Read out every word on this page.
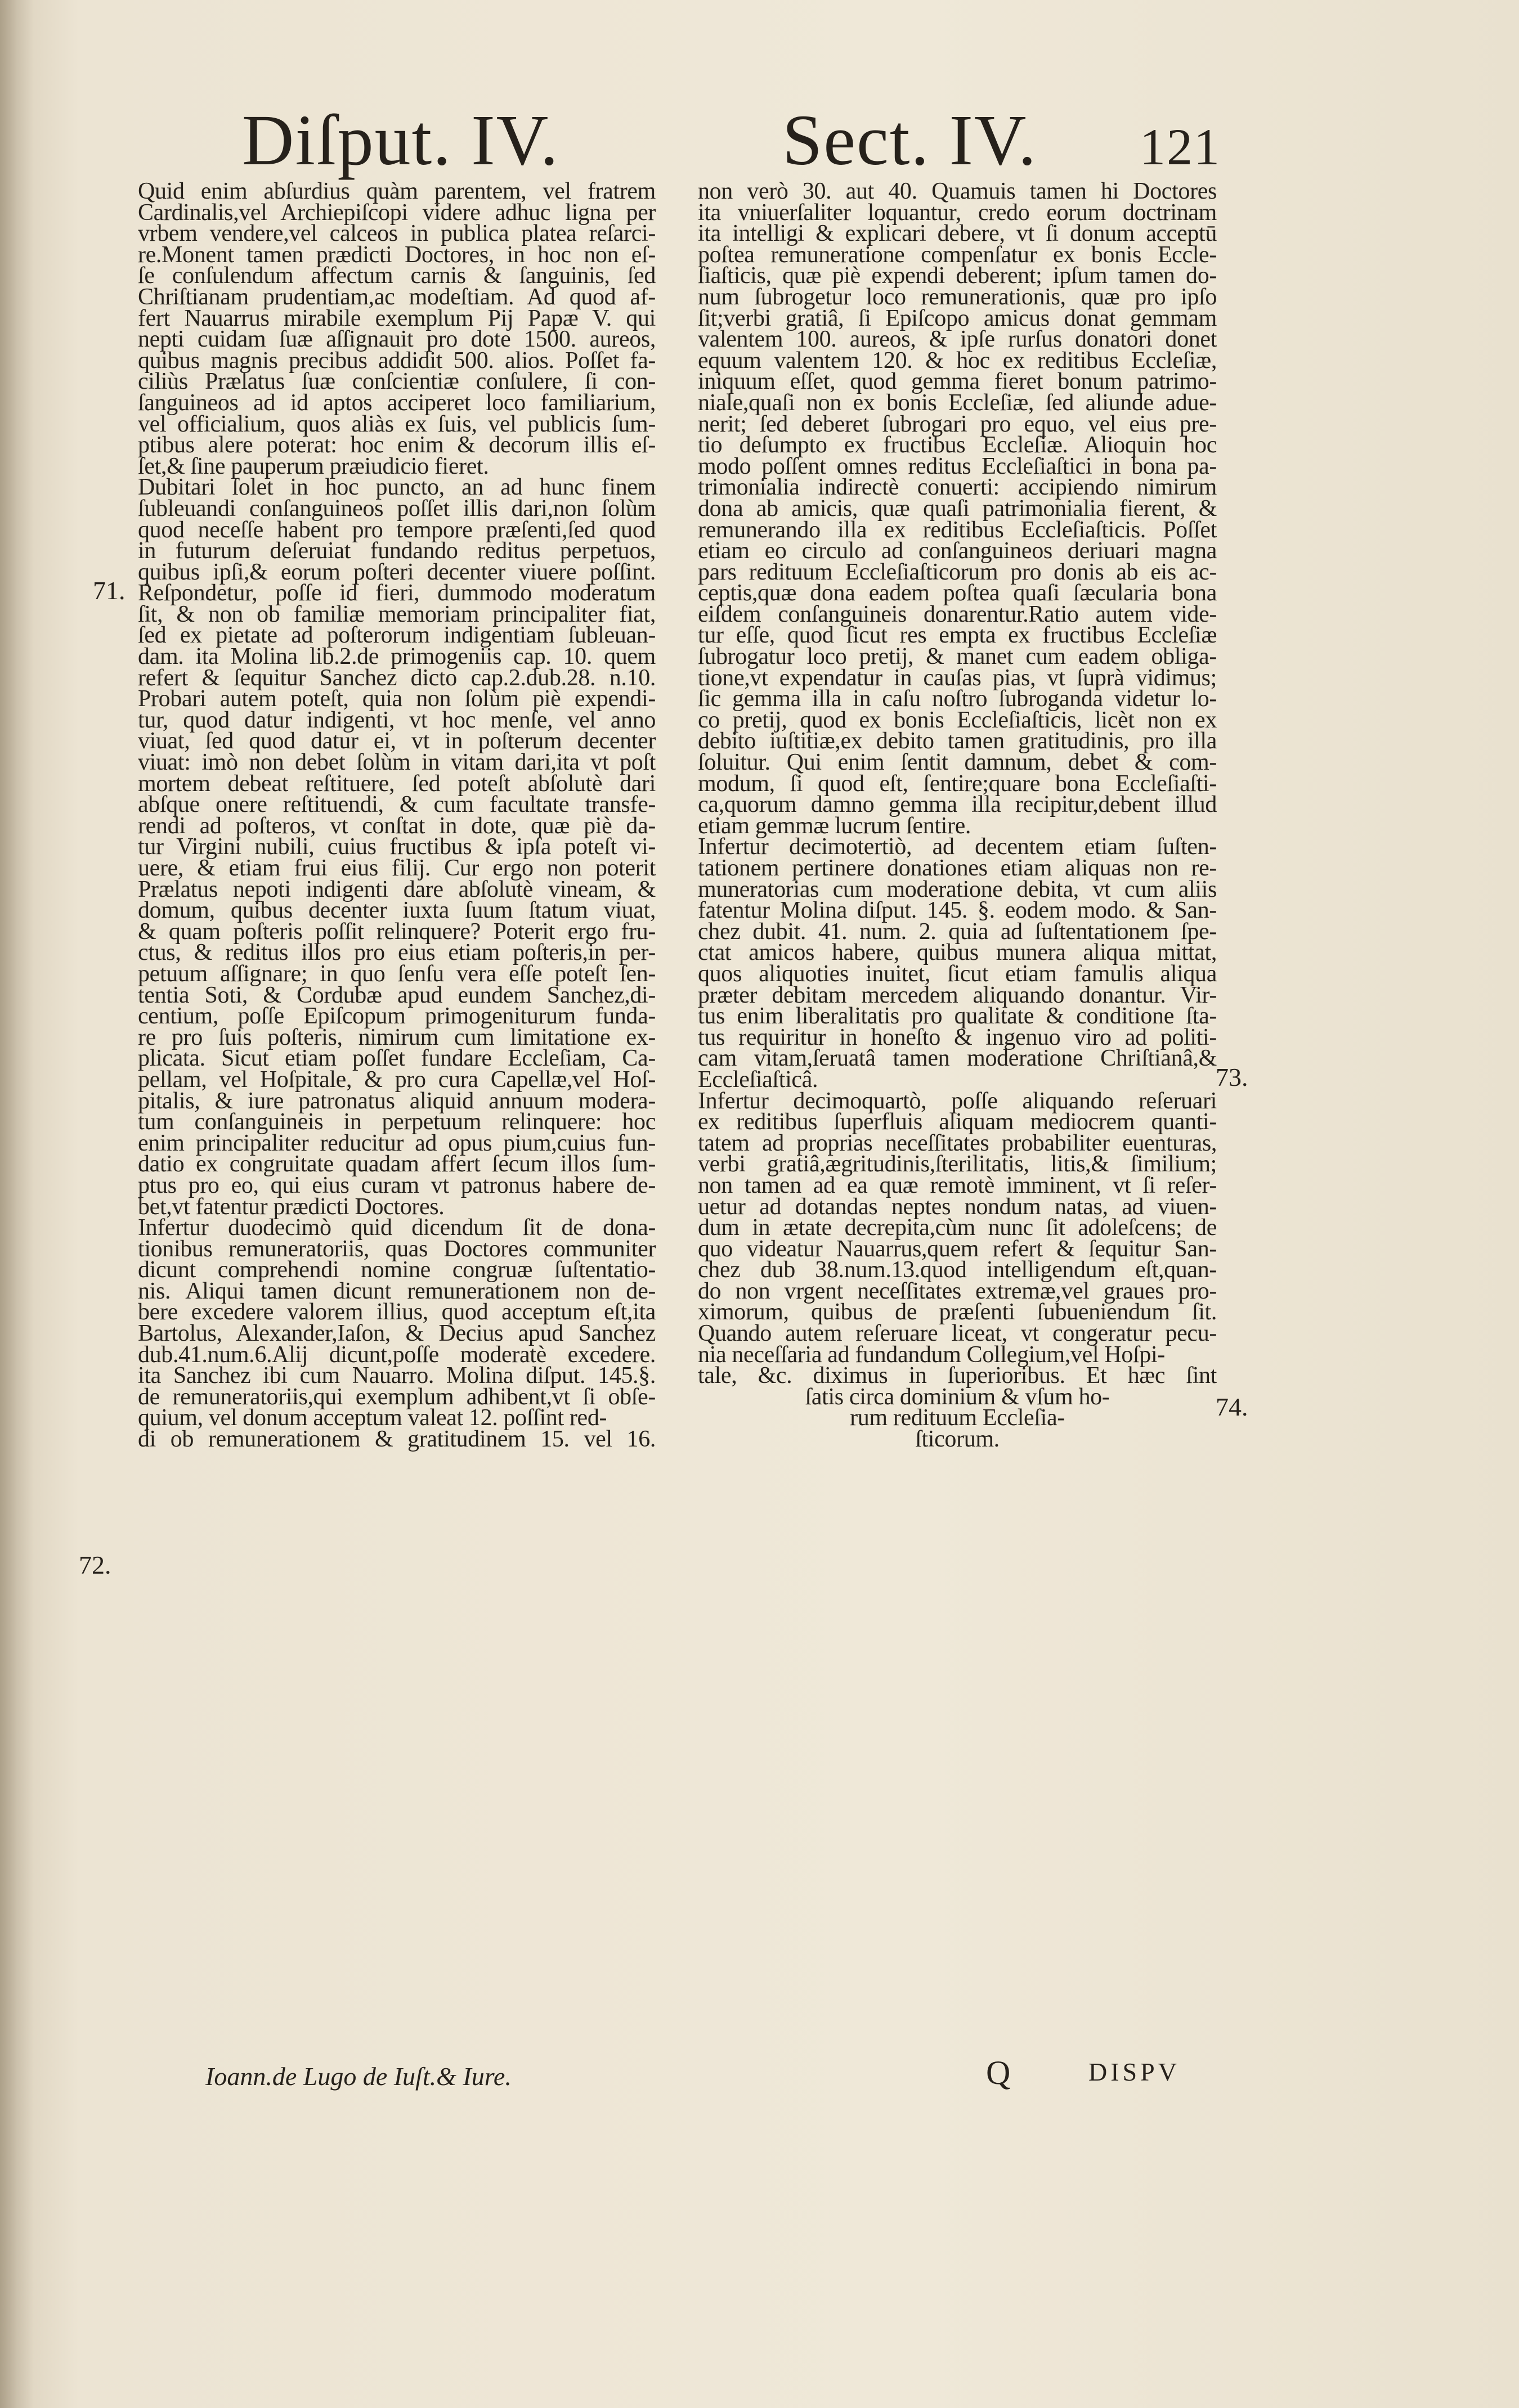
Diſput. IV.	Sect. IV. 121

Quid enim abſurdius quàm parentem, vel fratrem

Cardinalis,vel Archiepiſcopi videre adhuc ligna per

vrbem vendere,vel calceos in publica platea reſarci-

re.Monent tamen prædicti Doctores, in hoc non eſ-

ſe conſulendum affectum carnis & ſanguinis, ſed

Chriſtianam prudentiam,ac modeſtiam. Ad quod af-

fert Nauarrus mirabile exemplum Pij Papæ V. qui

nepti cuidam ſuæ aſſignauit pro dote 1500. aureos,

quibus magnis precibus addidit 500. alios. Poſſet fa-

ciliùs Prælatus ſuæ conſcientiæ conſulere, ſi con-

ſanguineos ad id aptos acciperet loco familiarium,

vel officialium, quos aliàs ex ſuis, vel publicis ſum-

ptibus alere poterat: hoc enim & decorum illis eſ-

ſet,& ſine pauperum præiudicio fieret.

Dubitari ſolet in hoc puncto, an ad hunc finem

ſubleuandi conſanguineos poſſet illis dari,non ſolùm

quod neceſſe habent pro tempore præſenti,ſed quod

in futurum deſeruiat fundando reditus perpetuos,

quibus ipſi,& eorum poſteri decenter viuere poſſint.

Reſpondetur, poſſe id fieri, dummodo moderatum

ſit, & non ob familiæ memoriam principaliter fiat,

ſed ex pietate ad poſterorum indigentiam ſubleuan-

dam. ita Molina lib.2.de primogeniis cap. 10. quem

refert & ſequitur Sanchez dicto cap.2.dub.28. n.10.

Probari autem poteſt, quia non ſolùm piè expendi-

tur, quod datur indigenti, vt hoc menſe, vel anno

viuat, ſed quod datur ei, vt in poſterum decenter

viuat: imò non debet ſolùm in vitam dari,ita vt poſt

mortem debeat reſtituere, ſed poteſt abſolutè dari

abſque onere reſtituendi, & cum facultate transfe-

rendi ad poſteros, vt conſtat in dote, quæ piè da-

tur Virgini nubili, cuius fructibus & ipſa poteſt vi-

uere, & etiam frui eius filij. Cur ergo non poterit

Prælatus nepoti indigenti dare abſolutè vineam, &

domum, quibus decenter iuxta ſuum ſtatum viuat,

& quam poſteris poſſit relinquere? Poterit ergo fru-

ctus, & reditus illos pro eius etiam poſteris,in per-

petuum aſſignare; in quo ſenſu vera eſſe poteſt ſen-

tentia Soti, & Cordubæ apud eundem Sanchez,di-

centium, poſſe Epiſcopum primogeniturum funda-

re pro ſuis poſteris, nimirum cum limitatione ex-

plicata. Sicut etiam poſſet fundare Eccleſiam, Ca-

pellam, vel Hoſpitale, & pro cura Capellæ,vel Hoſ-

pitalis, & iure patronatus aliquid annuum modera-

tum conſanguineis in perpetuum relinquere: hoc

enim principaliter reducitur ad opus pium,cuius fun-

datio ex congruitate quadam affert ſecum illos ſum-

ptus pro eo, qui eius curam vt patronus habere de-

bet,vt fatentur prædicti Doctores.

Infertur duodecimò quid dicendum ſit de dona-

tionibus remuneratoriis, quas Doctores communiter

dicunt comprehendi nomine congruæ ſuſtentatio-

nis. Aliqui tamen dicunt remunerationem non de-

bere excedere valorem illius, quod acceptum eſt,ita

Bartolus, Alexander,Iaſon, & Decius apud Sanchez

dub.41.num.6.Alij dicunt,poſſe moderatè excedere.

ita Sanchez ibi cum Nauarro. Molina diſput. 145.§.

de remuneratoriis,qui exemplum adhibent,vt ſi obſe-

quium, vel donum acceptum valeat 12. poſſint red-

di ob remunerationem & gratitudinem 15. vel 16.

non verò 30. aut 40. Quamuis tamen hi Doctores

ita vniuerſaliter loquantur, credo eorum doctrinam

ita intelligi & explicari debere, vt ſi donum acceptū

poſtea remuneratione compenſatur ex bonis Eccle-

ſiaſticis, quæ piè expendi deberent; ipſum tamen do-

num ſubrogetur loco remunerationis, quæ pro ipſo

ſit;verbi gratiâ, ſi Epiſcopo amicus donat gemmam

valentem 100. aureos, & ipſe rurſus donatori donet

equum valentem 120. & hoc ex reditibus Eccleſiæ,

iniquum eſſet, quod gemma fieret bonum patrimo-

niale,quaſi non ex bonis Eccleſiæ, ſed aliunde adue-

nerit; ſed deberet ſubrogari pro equo, vel eius pre-

tio deſumpto ex fructibus Eccleſiæ. Alioquin hoc

modo poſſent omnes reditus Eccleſiaſtici in bona pa-

trimonialia indirectè conuerti: accipiendo nimirum

dona ab amicis, quæ quaſi patrimonialia fierent, &

remunerando illa ex reditibus Eccleſiaſticis. Poſſet

etiam eo circulo ad conſanguineos deriuari magna

pars redituum Eccleſiaſticorum pro donis ab eis ac-

ceptis,quæ dona eadem poſtea quaſi ſæcularia bona

eiſdem conſanguineis donarentur.Ratio autem vide-

tur eſſe, quod ſicut res empta ex fructibus Eccleſiæ

ſubrogatur loco pretij, & manet cum eadem obliga-

tione,vt expendatur in cauſas pias, vt ſuprà vidimus;

ſic gemma illa in caſu noſtro ſubroganda videtur lo-

co pretij, quod ex bonis Eccleſiaſticis, licèt non ex

debito iuſtitiæ,ex debito tamen gratitudinis, pro illa

ſoluitur. Qui enim ſentit damnum, debet & com-

modum, ſi quod eſt, ſentire;quare bona Eccleſiaſti-

ca,quorum damno gemma illa recipitur,debent illud

etiam gemmæ lucrum ſentire.

Infertur decimotertiò, ad decentem etiam ſuſten-

tationem pertinere donationes etiam aliquas non re-

muneratorias cum moderatione debita, vt cum aliis

fatentur Molina diſput. 145. §. eodem modo. & San-

chez dubit. 41. num. 2. quia ad ſuſtentationem ſpe-

ctat amicos habere, quibus munera aliqua mittat,

quos aliquoties inuitet, ſicut etiam famulis aliqua

præter debitam mercedem aliquando donantur. Vir-

tus enim liberalitatis pro qualitate & conditione ſta-

tus requiritur in honeſto & ingenuo viro ad politi-

cam vitam,ſeruatâ tamen moderatione Chriſtianâ,&

Eccleſiaſticâ.

Infertur decimoquartò, poſſe aliquando reſeruari

ex reditibus ſuperfluis aliquam mediocrem quanti-

tatem ad proprias neceſſitates probabiliter euenturas,

verbi gratiâ,ægritudinis,ſterilitatis, litis,& ſimilium;

non tamen ad ea quæ remotè imminent, vt ſi reſer-

uetur ad dotandas neptes nondum natas, ad viuen-

dum in ætate decrepita,cùm nunc ſit adoleſcens; de

quo videatur Nauarrus,quem refert & ſequitur San-

chez dub 38.num.13.quod intelligendum eſt,quan-

do non vrgent neceſſitates extremæ,vel graues pro-

ximorum, quibus de præſenti ſubueniendum ſit.

Quando autem reſeruare liceat, vt congeratur pecu-

nia neceſſaria ad fundandum Collegium,vel Hoſpi-

tale, &c. diximus in ſuperioribus. Et hæc ſint

ſatis circa dominium & vſum ho-

rum redituum Eccleſia-

ſticorum.

71.
72.
73.
74.
Ioann.de Lugo de Iuſt.& Iure.	Q	DISPV
